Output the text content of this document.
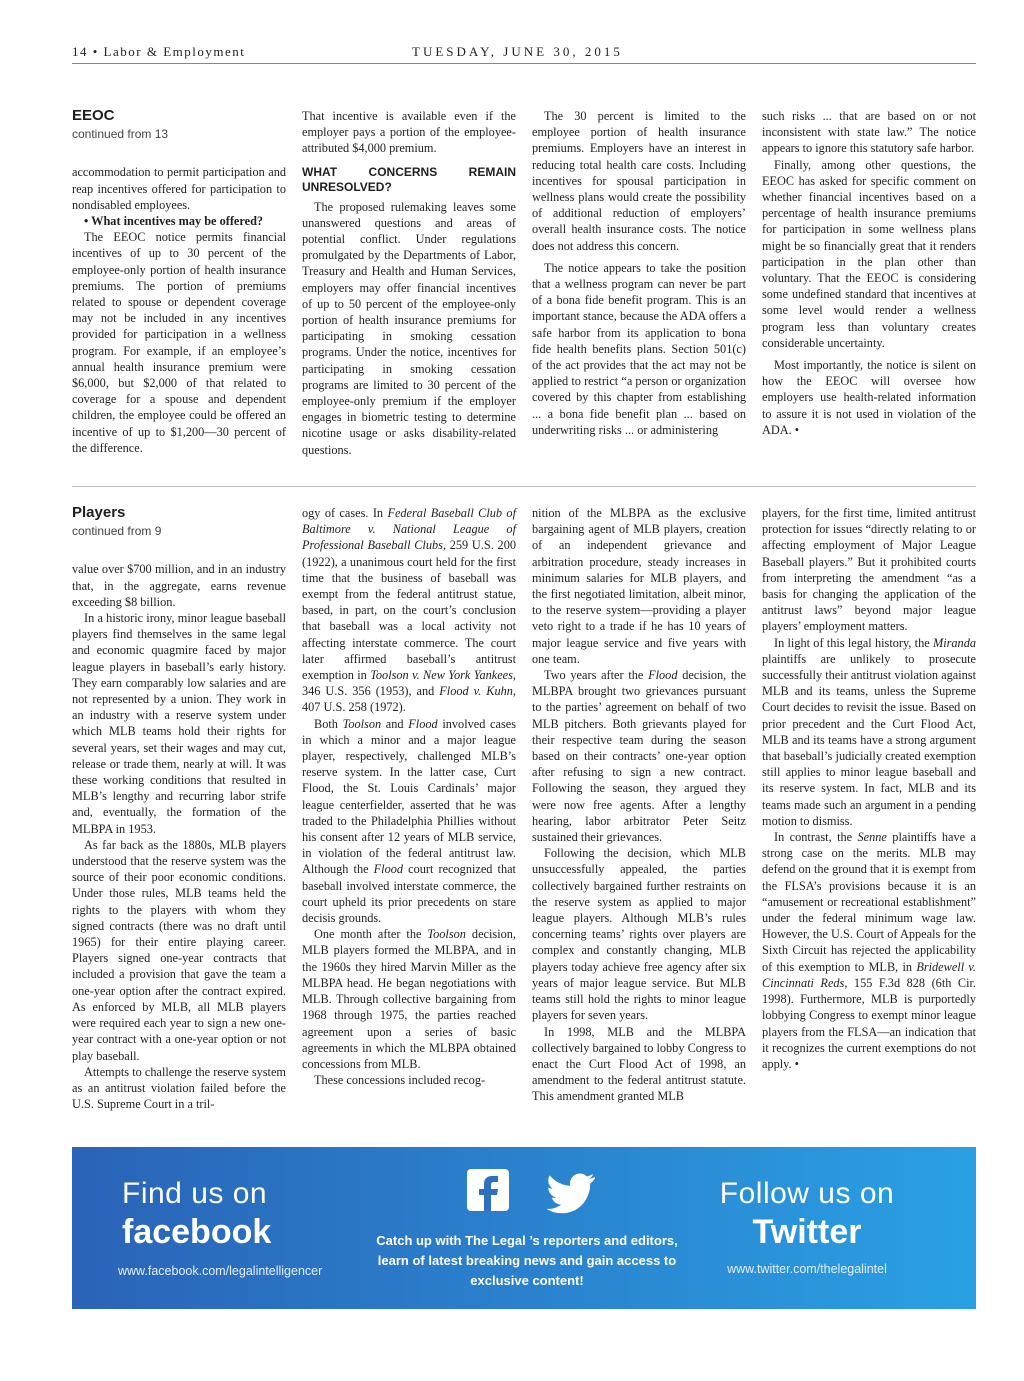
14 • Labor & Employment	TUESDAY, JUNE 30, 2015
EEOC
continued from 13

accommodation to permit participation and reap incentives offered for participation to nondisabled employees.

• What incentives may be offered?

The EEOC notice permits financial incentives of up to 30 percent of the employee-only portion of health insurance premiums. The portion of premiums related to spouse or dependent coverage may not be included in any incentives provided for participation in a wellness program. For example, if an employee’s annual health insurance premium were $6,000, but $2,000 of that related to coverage for a spouse and dependent children, the employee could be offered an incentive of up to $1,200—30 percent of the difference.

That incentive is available even if the employer pays a portion of the employee-attributed $4,000 premium.

WHAT CONCERNS REMAIN UNRESOLVED?

The proposed rulemaking leaves some unanswered questions and areas of potential conflict. Under regulations promulgated by the Departments of Labor, Treasury and Health and Human Services, employers may offer financial incentives of up to 50 percent of the employee-only portion of health insurance premiums for participating in smoking cessation programs. Under the notice, incentives for participating in smoking cessation programs are limited to 30 percent of the employee-only premium if the employer engages in biometric testing to determine nicotine usage or asks disability-related questions.

The 30 percent is limited to the employee portion of health insurance premiums. Employers have an interest in reducing total health care costs. Including incentives for spousal participation in wellness plans would create the possibility of additional reduction of employers’ overall health insurance costs. The notice does not address this concern.

The notice appears to take the position that a wellness program can never be part of a bona fide benefit program. This is an important stance, because the ADA offers a safe harbor from its application to bona fide health benefits plans. Section 501(c) of the act provides that the act may not be applied to restrict “a person or organization covered by this chapter from establishing ... a bona fide benefit plan ... based on underwriting risks ... or administering

such risks ... that are based on or not inconsistent with state law.” The notice appears to ignore this statutory safe harbor.

Finally, among other questions, the EEOC has asked for specific comment on whether financial incentives based on a percentage of health insurance premiums for participation in some wellness plans might be so financially great that it renders participation in the plan other than voluntary. That the EEOC is considering some undefined standard that incentives at some level would render a wellness program less than voluntary creates considerable uncertainty.

Most importantly, the notice is silent on how the EEOC will oversee how employers use health-related information to assure it is not used in violation of the ADA. •

Players
continued from 9

value over $700 million, and in an industry that, in the aggregate, earns revenue exceeding $8 billion.

In a historic irony, minor league baseball players find themselves in the same legal and economic quagmire faced by major league players in baseball’s early history. They earn comparably low salaries and are not represented by a union. They work in an industry with a reserve system under which MLB teams hold their rights for several years, set their wages and may cut, release or trade them, nearly at will. It was these working conditions that resulted in MLB’s lengthy and recurring labor strife and, eventually, the formation of the MLBPA in 1953.

As far back as the 1880s, MLB players understood that the reserve system was the source of their poor economic conditions. Under those rules, MLB teams held the rights to the players with whom they signed contracts (there was no draft until 1965) for their entire playing career. Players signed one-year contracts that included a provision that gave the team a one-year option after the contract expired. As enforced by MLB, all MLB players were required each year to sign a new one-year contract with a one-year option or not play baseball.

Attempts to challenge the reserve system as an antitrust violation failed before the U.S. Supreme Court in a tril-

ogy of cases. In Federal Baseball Club of Baltimore v. National League of Professional Baseball Clubs, 259 U.S. 200 (1922), a unanimous court held for the first time that the business of baseball was exempt from the federal antitrust statue, based, in part, on the court’s conclusion that baseball was a local activity not affecting interstate commerce. The court later affirmed baseball’s antitrust exemption in Toolson v. New York Yankees, 346 U.S. 356 (1953), and Flood v. Kuhn, 407 U.S. 258 (1972).

Both Toolson and Flood involved cases in which a minor and a major league player, respectively, challenged MLB’s reserve system. In the latter case, Curt Flood, the St. Louis Cardinals’ major league centerfielder, asserted that he was traded to the Philadelphia Phillies without his consent after 12 years of MLB service, in violation of the federal antitrust law. Although the Flood court recognized that baseball involved interstate commerce, the court upheld its prior precedents on stare decisis grounds.

One month after the Toolson decision, MLB players formed the MLBPA, and in the 1960s they hired Marvin Miller as the MLBPA head. He began negotiations with MLB. Through collective bargaining from 1968 through 1975, the parties reached agreement upon a series of basic agreements in which the MLBPA obtained concessions from MLB.

These concessions included recog-

nition of the MLBPA as the exclusive bargaining agent of MLB players, creation of an independent grievance and arbitration procedure, steady increases in minimum salaries for MLB players, and the first negotiated limitation, albeit minor, to the reserve system—providing a player veto right to a trade if he has 10 years of major league service and five years with one team.

Two years after the Flood decision, the MLBPA brought two grievances pursuant to the parties’ agreement on behalf of two MLB pitchers. Both grievants played for their respective team during the season based on their contracts’ one-year option after refusing to sign a new contract. Following the season, they argued they were now free agents. After a lengthy hearing, labor arbitrator Peter Seitz sustained their grievances.

Following the decision, which MLB unsuccessfully appealed, the parties collectively bargained further restraints on the reserve system as applied to major league players. Although MLB’s rules concerning teams’ rights over players are complex and constantly changing, MLB players today achieve free agency after six years of major league service. But MLB teams still hold the rights to minor league players for seven years.

In 1998, MLB and the MLBPA collectively bargained to lobby Congress to enact the Curt Flood Act of 1998, an amendment to the federal antitrust statute. This amendment granted MLB

players, for the first time, limited antitrust protection for issues “directly relating to or affecting employment of Major League Baseball players.” But it prohibited courts from interpreting the amendment “as a basis for changing the application of the antitrust laws” beyond major league players’ employment matters.

In light of this legal history, the Miranda plaintiffs are unlikely to prosecute successfully their antitrust violation against MLB and its teams, unless the Supreme Court decides to revisit the issue. Based on prior precedent and the Curt Flood Act, MLB and its teams have a strong argument that baseball’s judicially created exemption still applies to minor league baseball and its reserve system. In fact, MLB and its teams made such an argument in a pending motion to dismiss.

In contrast, the Senne plaintiffs have a strong case on the merits. MLB may defend on the ground that it is exempt from the FLSA’s provisions because it is an “amusement or recreational establishment” under the federal minimum wage law. However, the U.S. Court of Appeals for the Sixth Circuit has rejected the applicability of this exemption to MLB, in Bridewell v. Cincinnati Reds, 155 F.3d 828 (6th Cir. 1998). Furthermore, MLB is purportedly lobbying Congress to exempt minor league players from the FLSA—an indication that it recognizes the current exemptions do not apply. •

Find us on
facebook
www.facebook.com/legalintelligencer
Catch up with The Legal ’s reporters and editors, learn of latest breaking news and gain access to exclusive content!
Follow us on
Twitter
www.twitter.com/thelegalintel
